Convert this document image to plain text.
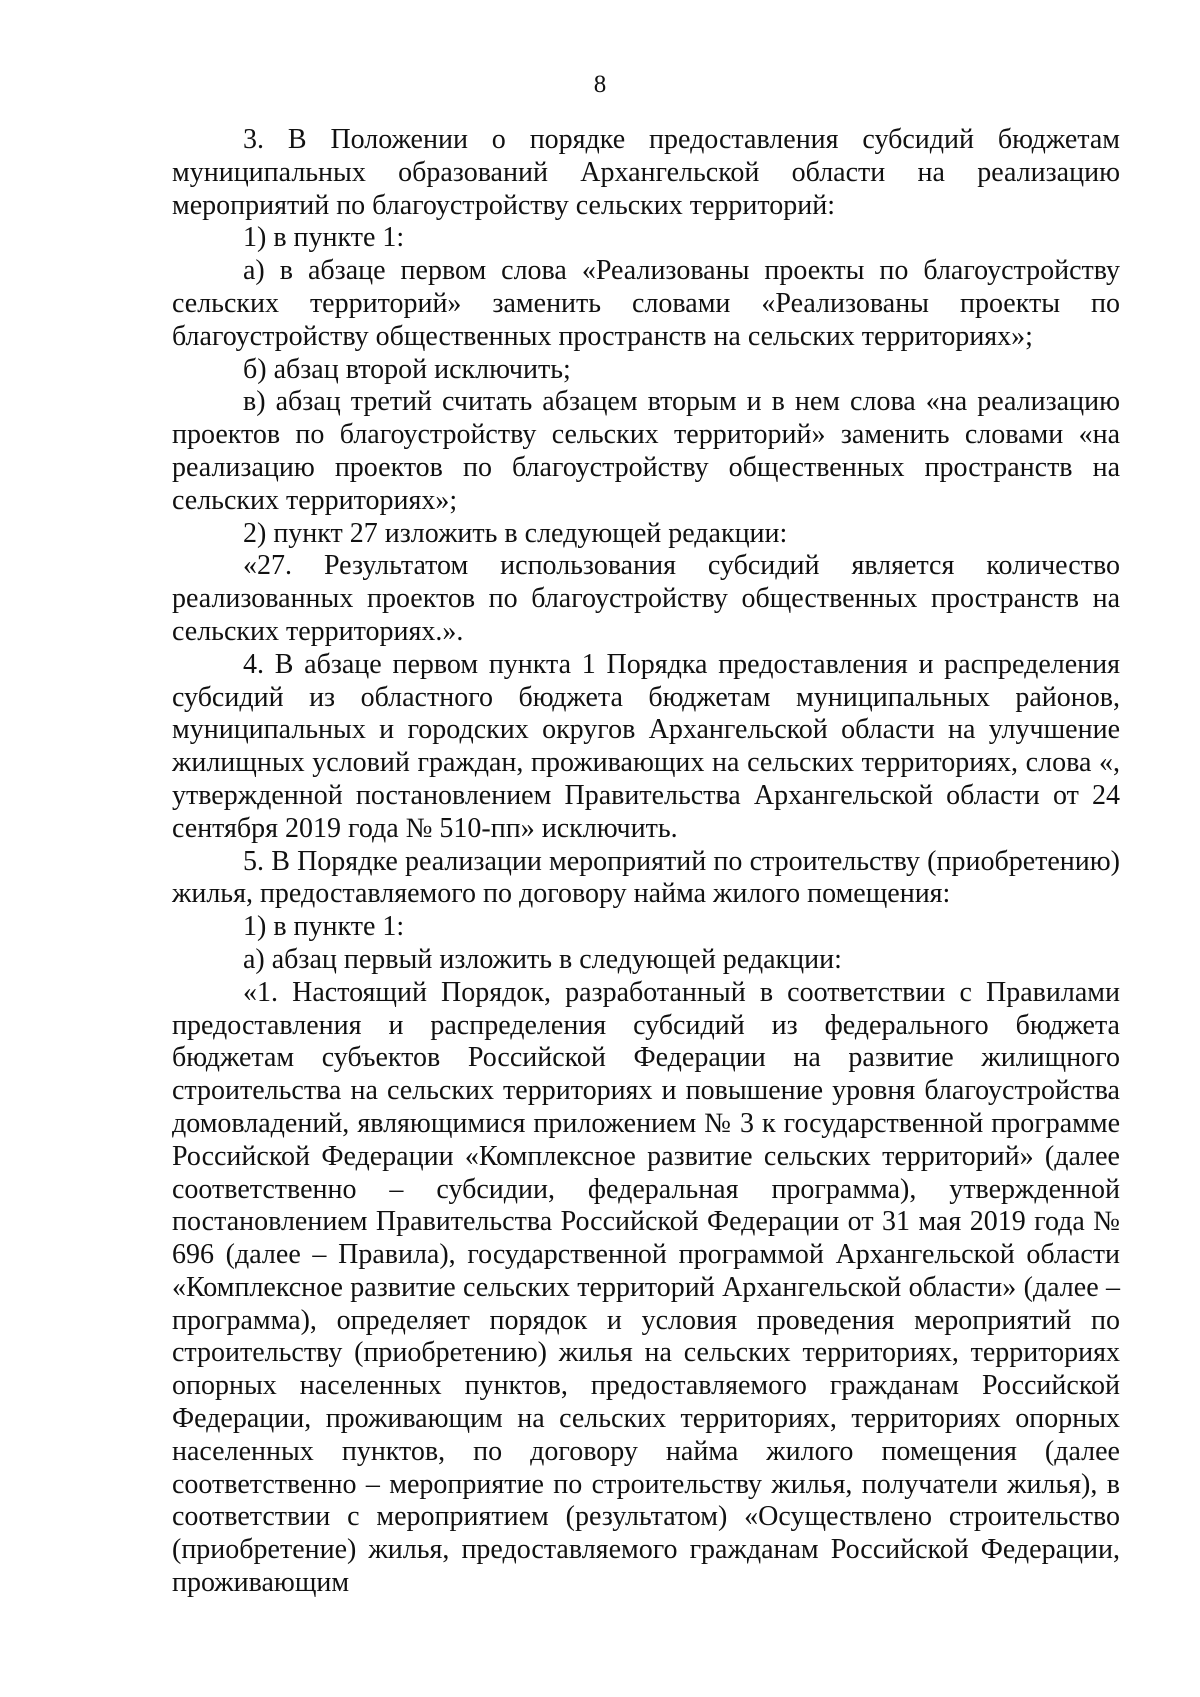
8

3. В Положении о порядке предоставления субсидий бюджетам муниципальных образований Архангельской области на реализацию мероприятий по благоустройству сельских территорий:

1) в пункте 1:

а) в абзаце первом слова «Реализованы проекты по благоустройству сельских территорий» заменить словами «Реализованы проекты по благоустройству общественных пространств на сельских территориях»;

б) абзац второй исключить;

в) абзац третий считать абзацем вторым и в нем слова «на реализацию проектов по благоустройству сельских территорий» заменить словами «на реализацию проектов по благоустройству общественных пространств на сельских территориях»;

2) пункт 27 изложить в следующей редакции:

«27. Результатом использования субсидий является количество реализованных проектов по благоустройству общественных пространств на сельских территориях.».

4. В абзаце первом пункта 1 Порядка предоставления и распределения субсидий из областного бюджета бюджетам муниципальных районов, муниципальных и городских округов Архангельской области на улучшение жилищных условий граждан, проживающих на сельских территориях, слова «, утвержденной постановлением Правительства Архангельской области от 24 сентября 2019 года № 510-пп» исключить.

5. В Порядке реализации мероприятий по строительству (приобретению) жилья, предоставляемого по договору найма жилого помещения:

1) в пункте 1:

а) абзац первый изложить в следующей редакции:

«1. Настоящий Порядок, разработанный в соответствии с Правилами предоставления и распределения субсидий из федерального бюджета бюджетам субъектов Российской Федерации на развитие жилищного строительства на сельских территориях и повышение уровня благоустройства домовладений, являющимися приложением № 3 к государственной программе Российской Федерации «Комплексное развитие сельских территорий» (далее соответственно – субсидии, федеральная программа), утвержденной постановлением Правительства Российской Федерации от 31 мая 2019 года № 696 (далее – Правила), государственной программой Архангельской области «Комплексное развитие сельских территорий Архангельской области» (далее – программа), определяет порядок и условия проведения мероприятий по строительству (приобретению) жилья на сельских территориях, территориях опорных населенных пунктов, предоставляемого гражданам Российской Федерации, проживающим на сельских территориях, территориях опорных населенных пунктов, по договору найма жилого помещения (далее соответственно – мероприятие по строительству жилья, получатели жилья), в соответствии с мероприятием (результатом) «Осуществлено строительство (приобретение) жилья, предоставляемого гражданам Российской Федерации, проживающим
